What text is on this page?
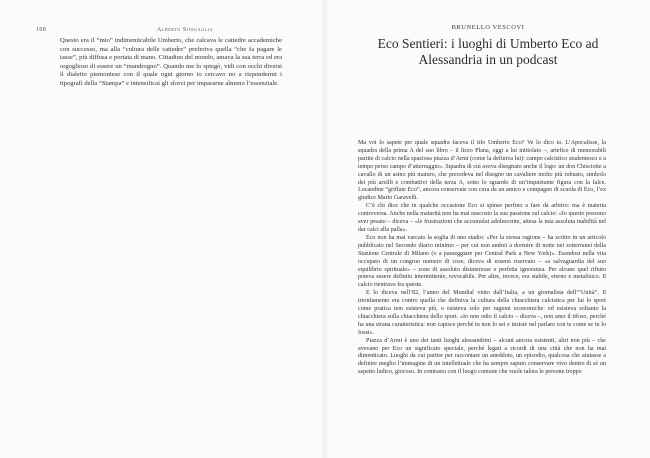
108	Alberto Sinigaglia

Questo era il “mio” indimenticabile Umberto, che calcava le cattedre accademiche con successo, ma alla “cultura delle cattedre” preferiva quella “che fa pagare le tasse”, più diffusa e portata di mano. Cittadino del mondo, amava la sua terra ed era orgoglioso di essere un “mandrogno”. Quando me lo spiegò, vidi con occhi diversi il dialetto piemontese con il quale ogni giorno io cercavo no a rispondermi i tipografi della “Stampa” e intensificai gli sforzi per impararne almeno l’essenziale.

BRUNELLO VESCOVI
Eco Sentieri: i luoghi di Umberto Eco ad Alessandria in un podcast

Ma voi lo sapete per quale squadra faceva il tifo Umberto Eco? Ve lo dico io. L’Apocalisse, la squadra della prima A del suo libro – il liceo Plana, oggi a lui intitolato –, artefice di memorabili partite di calcio nella spaziosa piazza d’Armi (come la definiva lui): campo calcistico studentesco e a tempo perso campo d’atterraggio». Squadra di cui aveva disegnato anche il logo: un don Chisciotte a cavallo di un asino più maturo, che precedeva nel disegno un cavaliere molto più robusto, simbolo dei più arzilli e combattivi della terza A, sotto lo sguardo di un’inquietante figura con la falce. Locandine “griffate Eco”, ancora conservate con cura da un amico e compagno di scuola di Eco, l’ex giudice Mario Garavelli.

C’è chi dice che in qualche occasione Eco si spinse perfino a fare da arbitro: ma è materia controversa. Anche nella maturità non ha mai nascosto la sua passione sul calcio: «Io questo possono aver pesato – diceva – «le frustrazioni che accumulai adolescente, attesa la mia assoluta inabilità nel dar calci alla palla».

Eco non ha mai varcato la soglia di uno stadio: «Per la stessa ragione – ha scritto in un articolo pubblicato nel Secondo diario minimo – per cui non andrei a dormire di notte nei sotterranei della Stazione Centrale di Milano (o a passeggiare per Central Park a New York)». Esendosi nella vita occupato di un congruo numero di cose, diceva di essersi riservato – «a salvaguardia del suo equilibrio spirituale» – zone di assoluto disinteresse e perfetta ignoranza. Per alcune quel rifiuto poteva essere definito intermittente, revocabile. Per altre, invece, era stabile, eterno e metafisico. Il calcio rientrava fra queste.

E lo diceva nell’82, l’anno del Mundial vinto dall’Italia, a un giornalista dell’“Unità”. Il trionfamento era contro quella che definiva la cultura della chiacchiera calcistica per lui lo sport come pratica non esisteva più, o esisteva solo per ragioni economiche: ed esisteva soltanto la chiacchiera sulla chiacchiera dello sport. «Io non odio il calcio – diceva –, non amo il tifoso, perché ha una strana caratteristica: non capisce perché tu non lo sei e insiste nel parlare con te come se tu lo fossi».

Piazza d’Armi è uno dei tanti luoghi alessandrini – alcuni ancora esistenti, altri non più – che avevano per Eco un significato speciale, perché legati a ricordi di una città che non ha mai dimenticato. Luoghi da cui partire per raccontare un aneddoto, un episodio, qualcosa che aiutasse a definire meglio l’immagine di un intellettuale che ha sempre saputo conservare vivo dentro di sé un aspetto ludico, giocoso. In contrasto con il luogo comune che vuole talora le persone troppo
